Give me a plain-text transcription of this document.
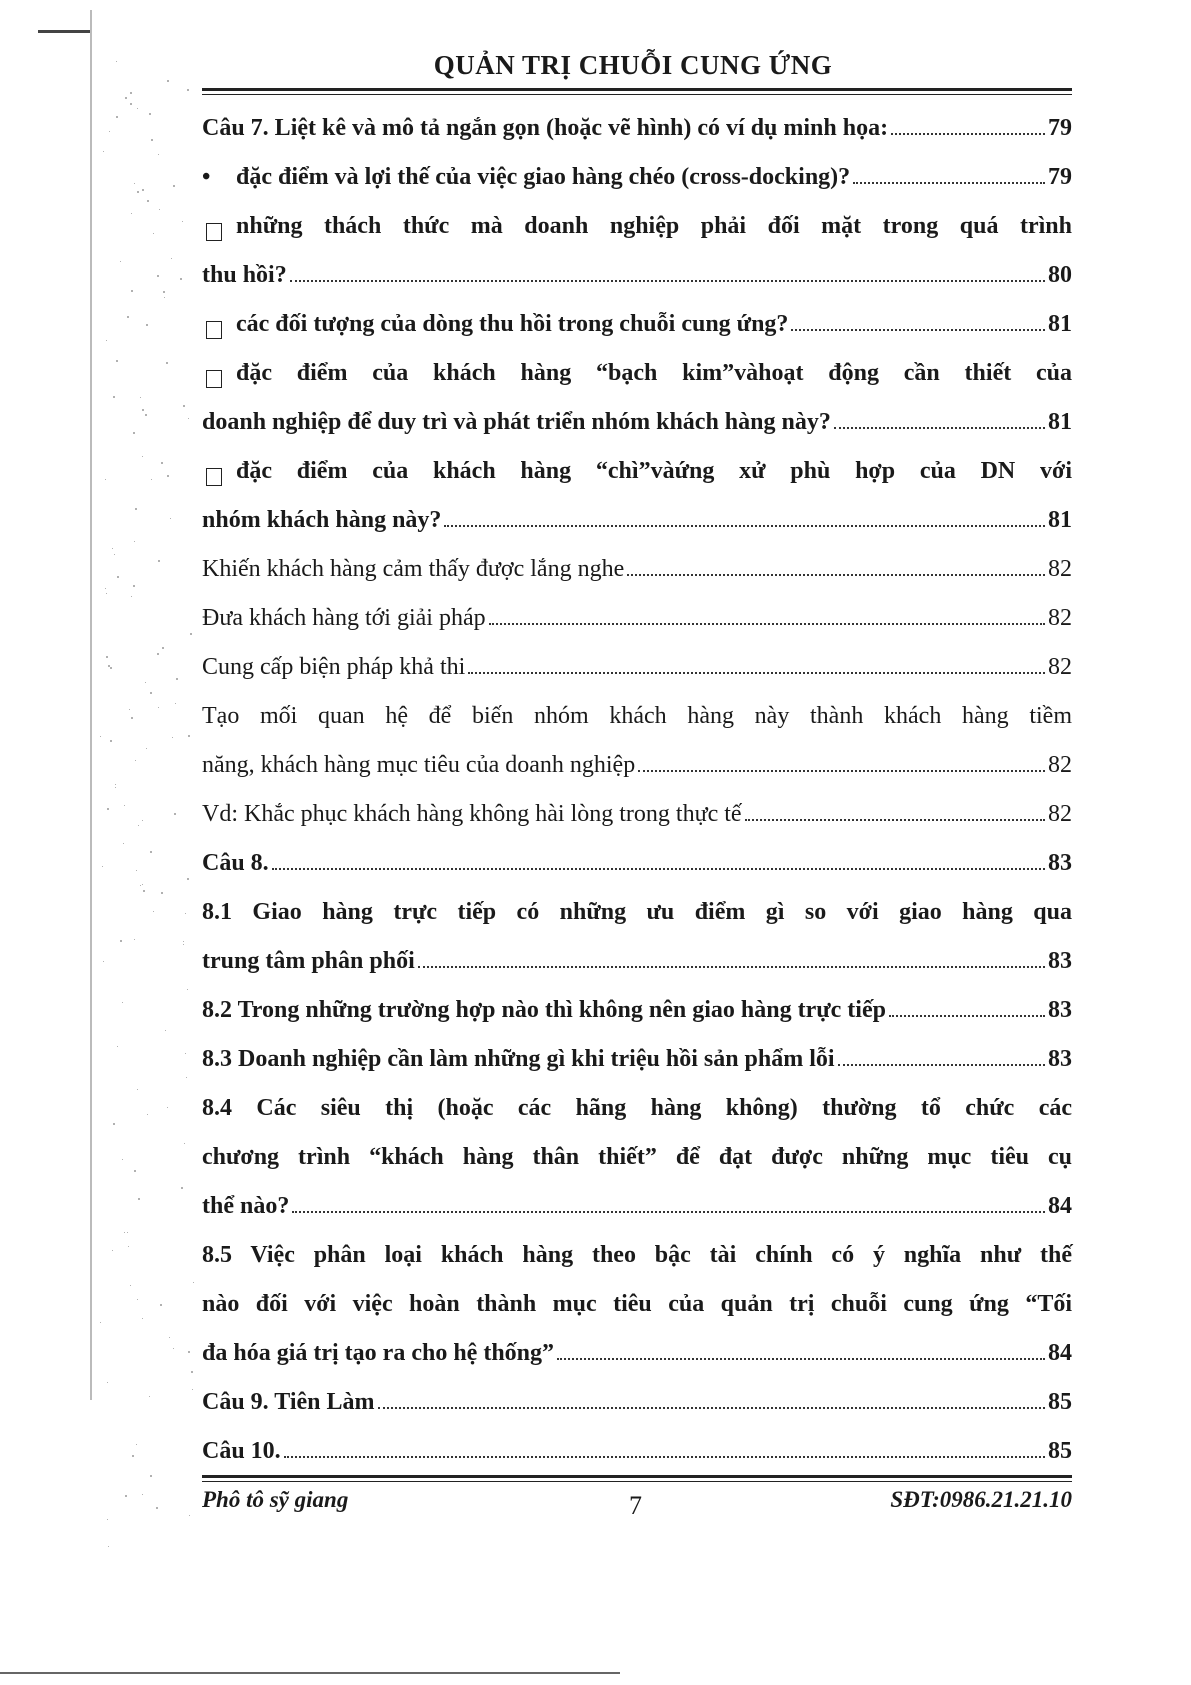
QUẢN TRỊ CHUỖI CUNG ỨNG
Câu 7. Liệt kê và mô tả ngắn gọn (hoặc vẽ hình) có ví dụ minh họa:	79
•	đặc điểm và lợi thế của việc giao hàng chéo (cross-docking)?	79
những thách thức mà doanh nghiệp phải đối mặt trong quá trình
thu hồi?	80
các đối tượng của dòng thu hồi trong chuỗi cung ứng?	81
đặc điểm của khách hàng “bạch kim”vàhoạt động cần thiết của
doanh nghiệp để duy trì và phát triển nhóm khách hàng này?	81
đặc điểm của khách hàng “chì”vàứng xử phù hợp của DN với
nhóm khách hàng này?	81
Khiến khách hàng cảm thấy được lắng nghe	82
Đưa khách hàng tới giải pháp	82
Cung cấp biện pháp khả thi	82
Tạo mối quan hệ để biến nhóm khách hàng này thành khách hàng tiềm
năng, khách hàng mục tiêu của doanh nghiệp	82
Vd: Khắc phục khách hàng không hài lòng trong thực tế	82
Câu 8.	83
8.1 Giao hàng trực tiếp có những ưu điểm gì so với giao hàng qua
trung tâm phân phối	83
8.2 Trong những trường hợp nào thì không nên giao hàng trực tiếp	83
8.3 Doanh nghiệp cần làm những gì khi triệu hồi sản phẩm lỗi	83
8.4 Các siêu thị (hoặc các hãng hàng không) thường tổ chức các
chương trình “khách hàng thân thiết” để đạt được những mục tiêu cụ
thể nào?	84
8.5 Việc phân loại khách hàng theo bậc tài chính có ý nghĩa như thế
nào đối với việc hoàn thành mục tiêu của quản trị chuỗi cung ứng “Tối
đa hóa giá trị tạo ra cho hệ thống”	84
Câu 9. Tiên Làm	85
Câu 10.	85
Phô tô sỹ giang	7	SĐT:0986.21.21.10
